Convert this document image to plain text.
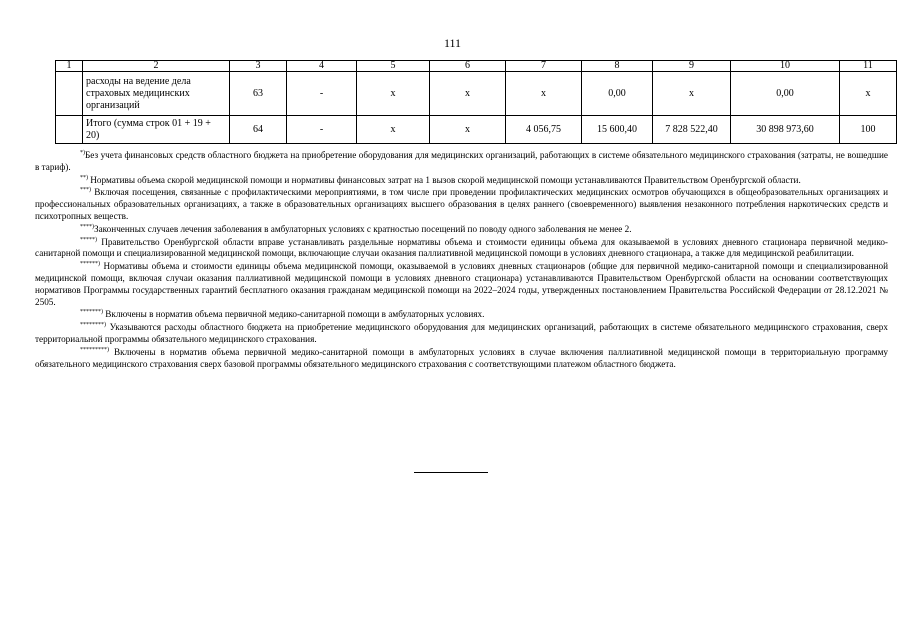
111
1	2	3	4	5	6	7	8	9	10	11
	расходы на ведение дела страховых медицинских организаций	63	-	х	х	х	0,00	х	0,00	х
	Итого (сумма строк 01 + 19 + 20)	64	-	х	х	4 056,75	15 600,40	7 828 522,40	30 898 973,60	100

*)Без учета финансовых средств областного бюджета на приобретение оборудования для медицинских организаций, работающих в системе обязательного медицинского страхования (затраты, не вошедшие в тариф).

**) Нормативы объема скорой медицинской помощи и нормативы финансовых затрат на 1 вызов скорой медицинской помощи устанавливаются Правительством Оренбургской области.

***) Включая посещения, связанные с профилактическими мероприятиями, в том числе при проведении профилактических медицинских осмотров обучающихся в общеобразовательных организациях и профессиональных образовательных организациях, а также в образовательных организациях высшего образования в целях раннего (своевременного) выявления незаконного потребления наркотических средств и психотропных веществ.

****)Законченных случаев лечения заболевания в амбулаторных условиях с кратностью посещений по поводу одного заболевания не менее 2.

*****) Правительство Оренбургской области вправе устанавливать раздельные нормативы объема и стоимости единицы объема для оказываемой в условиях дневного стационара первичной медико-санитарной помощи и специализированной медицинской помощи, включающие случаи оказания паллиативной медицинской помощи в условиях дневного стационара, а также для медицинской реабилитации.

******) Нормативы объема и стоимости единицы объема медицинской помощи, оказываемой в условиях дневных стационаров (общие для первичной медико-санитарной помощи и специализированной медицинской помощи, включая случаи оказания паллиативной медицинской помощи в условиях дневного стационара) устанавливаются Правительством Оренбургской области на основании соответствующих нормативов Программы государственных гарантий бесплатного оказания гражданам медицинской помощи на 2022–2024 годы, утвержденных постановлением Правительства Российской Федерации от 28.12.2021 № 2505.

*******) Включены в норматив объема первичной медико-санитарной помощи в амбулаторных условиях.

********) Указываются расходы областного бюджета на приобретение медицинского оборудования для медицинских организаций, работающих в системе обязательного медицинского страхования, сверх территориальной программы обязательного медицинского страхования.

*********) Включены в норматив объема первичной медико-санитарной помощи в амбулаторных условиях в случае включения паллиативной медицинской помощи в территориальную программу обязательного медицинского страхования сверх базовой программы обязательного медицинского страхования с соответствующими платежом областного бюджета.
